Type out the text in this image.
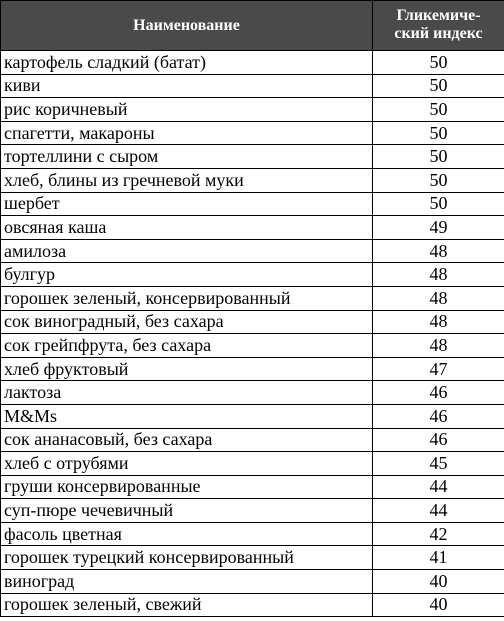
Наименование	Гликемиче-
ский индекс
картофель сладкий (батат)	50
киви	50
рис коричневый	50
спагетти, макароны	50
тортеллини с сыром	50
хлеб, блины из гречневой муки	50
шербет	50
овсяная каша	49
амилоза	48
булгур	48
горошек зеленый, консервированный	48
сок виноградный, без сахара	48
сок грейпфрута, без сахара	48
хлеб фруктовый	47
лактоза	46
M&Ms	46
сок ананасовый, без сахара	46
хлеб с отрубями	45
груши консервированные	44
суп-пюре чечевичный	44
фасоль цветная	42
горошек турецкий консервированный	41
виноград	40
горошек зеленый, свежий	40
